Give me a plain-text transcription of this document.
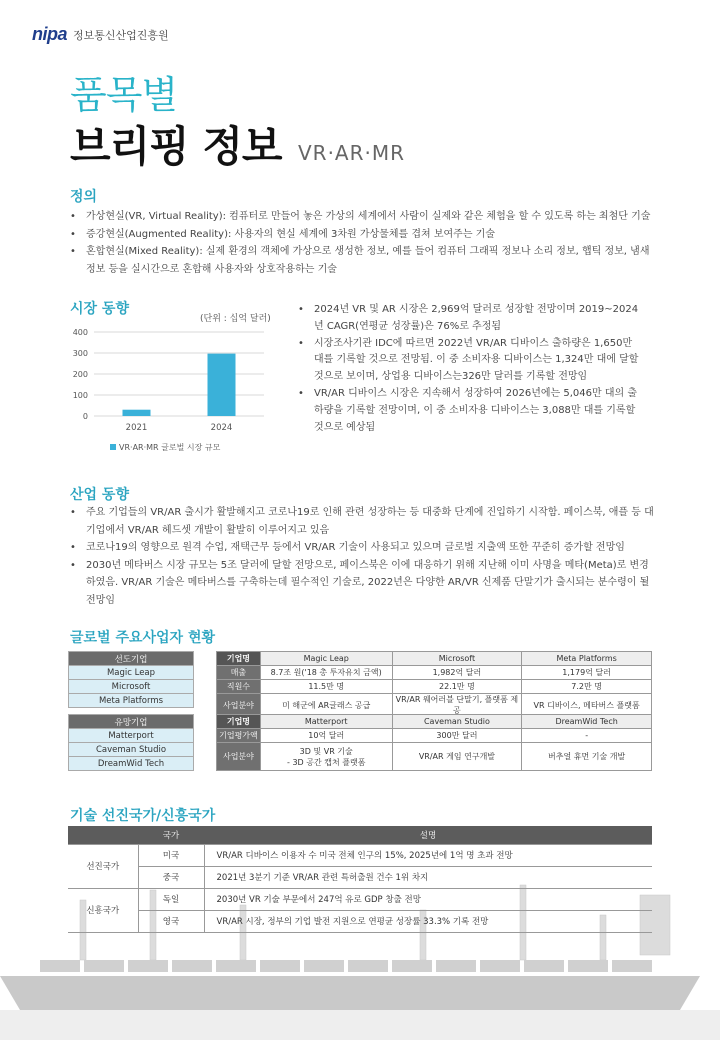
nipa 정보통신산업진흥원
품목별
브리핑 정보 VR·AR·MR
정의
• 가상현실(VR, Virtual Reality): 컴퓨터로 만들어 놓은 가상의 세계에서 사람이 실제와 같은 체험을 할 수 있도록 하는 최첨단 기술
• 증강현실(Augmented Reality): 사용자의 현실 세계에 3차원 가상물체를 겹쳐 보여주는 기술
• 혼합현실(Mixed Reality): 실제 환경의 객체에 가상으로 생성한 정보, 예를 들어 컴퓨터 그래픽 정보나 소리 정보, 햅틱 정보, 냄새 정보 등을 실시간으로 혼합해 사용자와 상호작용하는 기술
시장 동향
(단위 : 십억 달러)
0
100
200
300
400
2021	2024
VR·AR·MR 글로벌 시장 규모
• 2024년 VR 및 AR 시장은 2,969억 달러로 성장할 전망이며 2019~2024년 CAGR(연평균 성장률)은 76%로 추정됨
• 시장조사기관 IDC에 따르면 2022년 VR/AR 디바이스 출하량은 1,650만 대를 기록할 것으로 전망됨. 이 중 소비자용 디바이스는 1,324만 대에 달할 것으로 보이며, 상업용 디바이스는326만 달러를 기록할 전망임
• VR/AR 디바이스 시장은 지속해서 성장하여 2026년에는 5,046만 대의 출하량을 기록할 전망이며, 이 중 소비자용 디바이스는 3,088만 대를 기록할 것으로 예상됨
산업 동향
• 주요 기업들의 VR/AR 출시가 활발해지고 코로나19로 인해 관련 성장하는 등 대중화 단계에 진입하기 시작함. 페이스북, 애플 등 대기업에서 VR/AR 헤드셋 개발이 활발히 이루어지고 있음
• 코로나19의 영향으로 원격 수업, 재택근무 등에서 VR/AR 기술이 사용되고 있으며 글로벌 지출액 또한 꾸준히 증가할 전망임
• 2030년 메타버스 시장 규모는 5조 달러에 달할 전망으로, 페이스북은 이에 대응하기 위해 지난해 이미 사명을 메타(Meta)로 변경하였음. VR/AR 기술은 메타버스를 구축하는데 필수적인 기술로, 2022년은 다양한 AR/VR 신제품 단말기가 출시되는 분수령이 될 전망임
글로벌 주요사업자 현황
선도기업
Magic Leap
Microsoft
Meta Platforms
유망기업
Matterport
Caveman Studio
DreamWid Tech
기업명	Magic Leap	Microsoft	Meta Platforms
매출	8.7조 원('18 총 투자유치 금액)	1,982억 달러	1,179억 달러
직원수	11.5만 명	22.1만 명	7.2만 명
사업분야	미 해군에 AR글래스 공급	VR/AR 웨어러블 단말기, 플랫폼 제공	VR 디바이스, 메타버스 플랫폼
기업명	Matterport	Caveman Studio	DreamWid Tech
기업평가액	10억 달러	300만 달러	-
사업분야	3D 및 VR 기술
- 3D 공간 캡처 플랫폼	VR/AR 게임 연구개발	버추얼 휴먼 기술 개발
기술 선진국가/신흥국가
	국가	설명
선진국가	미국	VR/AR 디바이스 이용자 수 미국 전체 인구의 15%, 2025년에 1억 명 초과 전망
	중국	2021년 3분기 기준 VR/AR 관련 특허출원 건수 1위 차지
신흥국가	독일	2030년 VR 기술 부문에서 247억 유로 GDP 창출 전망
	영국	VR/AR 시장, 정부의 기업 발전 지원으로 연평균 성장률 33.3% 기록 전망
